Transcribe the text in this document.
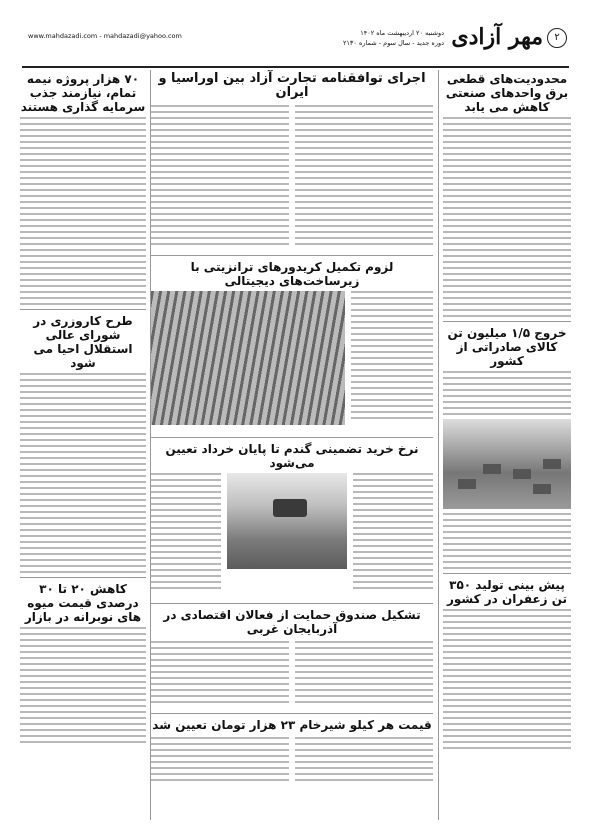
۲
مهر آزادی
دوشنبه ۲۰ اردیبهشت ماه ۱۴۰۲
دوره جدید - سال سوم - شماره ۲۱۳۰
www.mahdazadi.com - mahdazadi@yahoo.com
محدودیت‌های قطعی برق واحدهای صنعتی کاهش می یابد
خروج ۱/۵ میلیون تن کالای صادراتی از کشور
پیش بینی تولید ۳۵۰ تن زعفران در کشور
اجرای توافقنامه تجارت آزاد بین اوراسیا و ایران
لزوم تکمیل کریدورهای ترانزیتی با زیرساخت‌های دیجیتالی
نرخ خرید تضمینی گندم تا پایان خرداد تعیین می‌شود
تشکیل صندوق حمایت از فعالان اقتصادی در آذربایجان غربی
قیمت هر کیلو شیرخام ۲۳ هزار تومان تعیین شد
۷۰ هزار پروژه نیمه تمام، نیازمند جذب سرمایه گذاری هستند
طرح کاروزری در شورای عالی استقلال احیا می شود
کاهش ۲۰ تا ۳۰ درصدی قیمت میوه های نوبرانه در بازار
